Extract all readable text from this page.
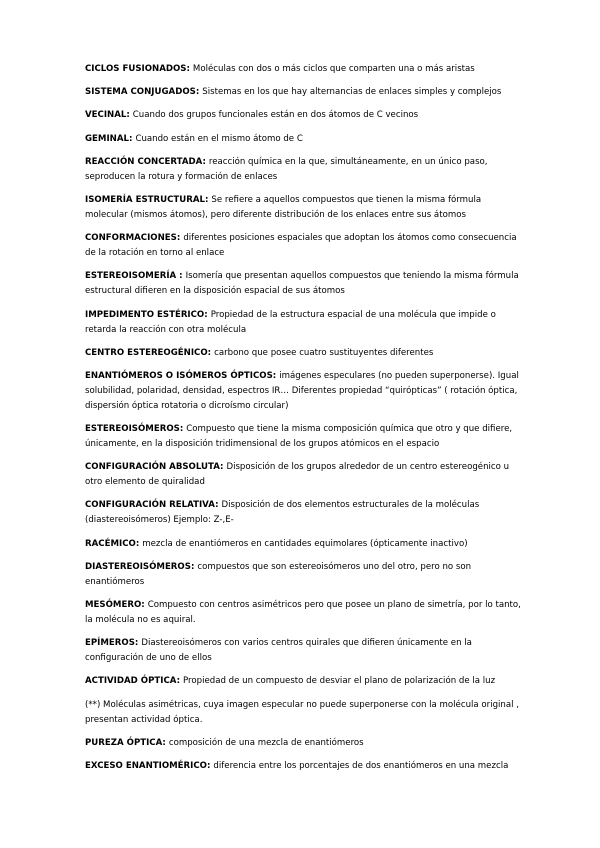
CICLOS FUSIONADOS: Moléculas con dos o más ciclos que comparten una o más aristas

SISTEMA CONJUGADOS: Sistemas en los que hay alternancias de enlaces simples y complejos

VECINAL: Cuando dos grupos funcionales están en dos átomos de C vecinos

GEMINAL: Cuando están en el mismo átomo de C

REACCIÓN CONCERTADA: reacción química en la que, simultáneamente, en un único paso, seproducen la rotura y formación de enlaces

ISOMERÍA ESTRUCTURAL: Se refiere a aquellos compuestos que tienen la misma fórmula molecular (mismos átomos), pero diferente distribución de los enlaces entre sus átomos

CONFORMACIONES: diferentes posiciones espaciales que adoptan los átomos como consecuencia de la rotación en torno al enlace

ESTEREOISOMERÍA : Isomería que presentan aquellos compuestos que teniendo la misma fórmula estructural difieren en la disposición espacial de sus átomos

IMPEDIMENTO ESTÉRICO: Propiedad de la estructura espacial de una molécula que impide o retarda la reacción con otra molécula

CENTRO ESTEREOGÉNICO: carbono que posee cuatro sustituyentes diferentes

ENANTIÓMEROS O ISÓMEROS ÓPTICOS: imágenes especulares (no pueden superponerse). Igual solubilidad, polaridad, densidad, espectros IR… Diferentes propiedad “quirópticas” ( rotación óptica, dispersión óptica rotatoria o dicroísmo circular)

ESTEREOISÓMEROS: Compuesto que tiene la misma composición química que otro y que difiere, únicamente, en la disposición tridimensional de los grupos atómicos en el espacio

CONFIGURACIÓN ABSOLUTA: Disposición de los grupos alrededor de un centro estereogénico u otro elemento de quiralidad

CONFIGURACIÓN RELATIVA: Disposición de dos elementos estructurales de la moléculas (diastereoisómeros) Ejemplo: Z-,E-

RACÉMICO: mezcla de enantiómeros en cantidades equimolares (ópticamente inactivo)

DIASTEREOISÓMEROS: compuestos que son estereoisómeros uno del otro, pero no son enantiómeros

MESÓMERO: Compuesto con centros asimétricos pero que posee un plano de simetría, por lo tanto, la molécula no es aquiral.

EPÍMEROS: Diastereoisómeros con varios centros quirales que difieren únicamente en la configuración de uno de ellos

ACTIVIDAD ÓPTICA: Propiedad de un compuesto de desviar el plano de polarización de la luz

(**) Moléculas asimétricas, cuya imagen especular no puede superponerse con la molécula original , presentan actividad óptica.

PUREZA ÓPTICA: composición de una mezcla de enantiómeros

EXCESO ENANTIOMÉRICO: diferencia entre los porcentajes de dos enantiómeros en una mezcla
